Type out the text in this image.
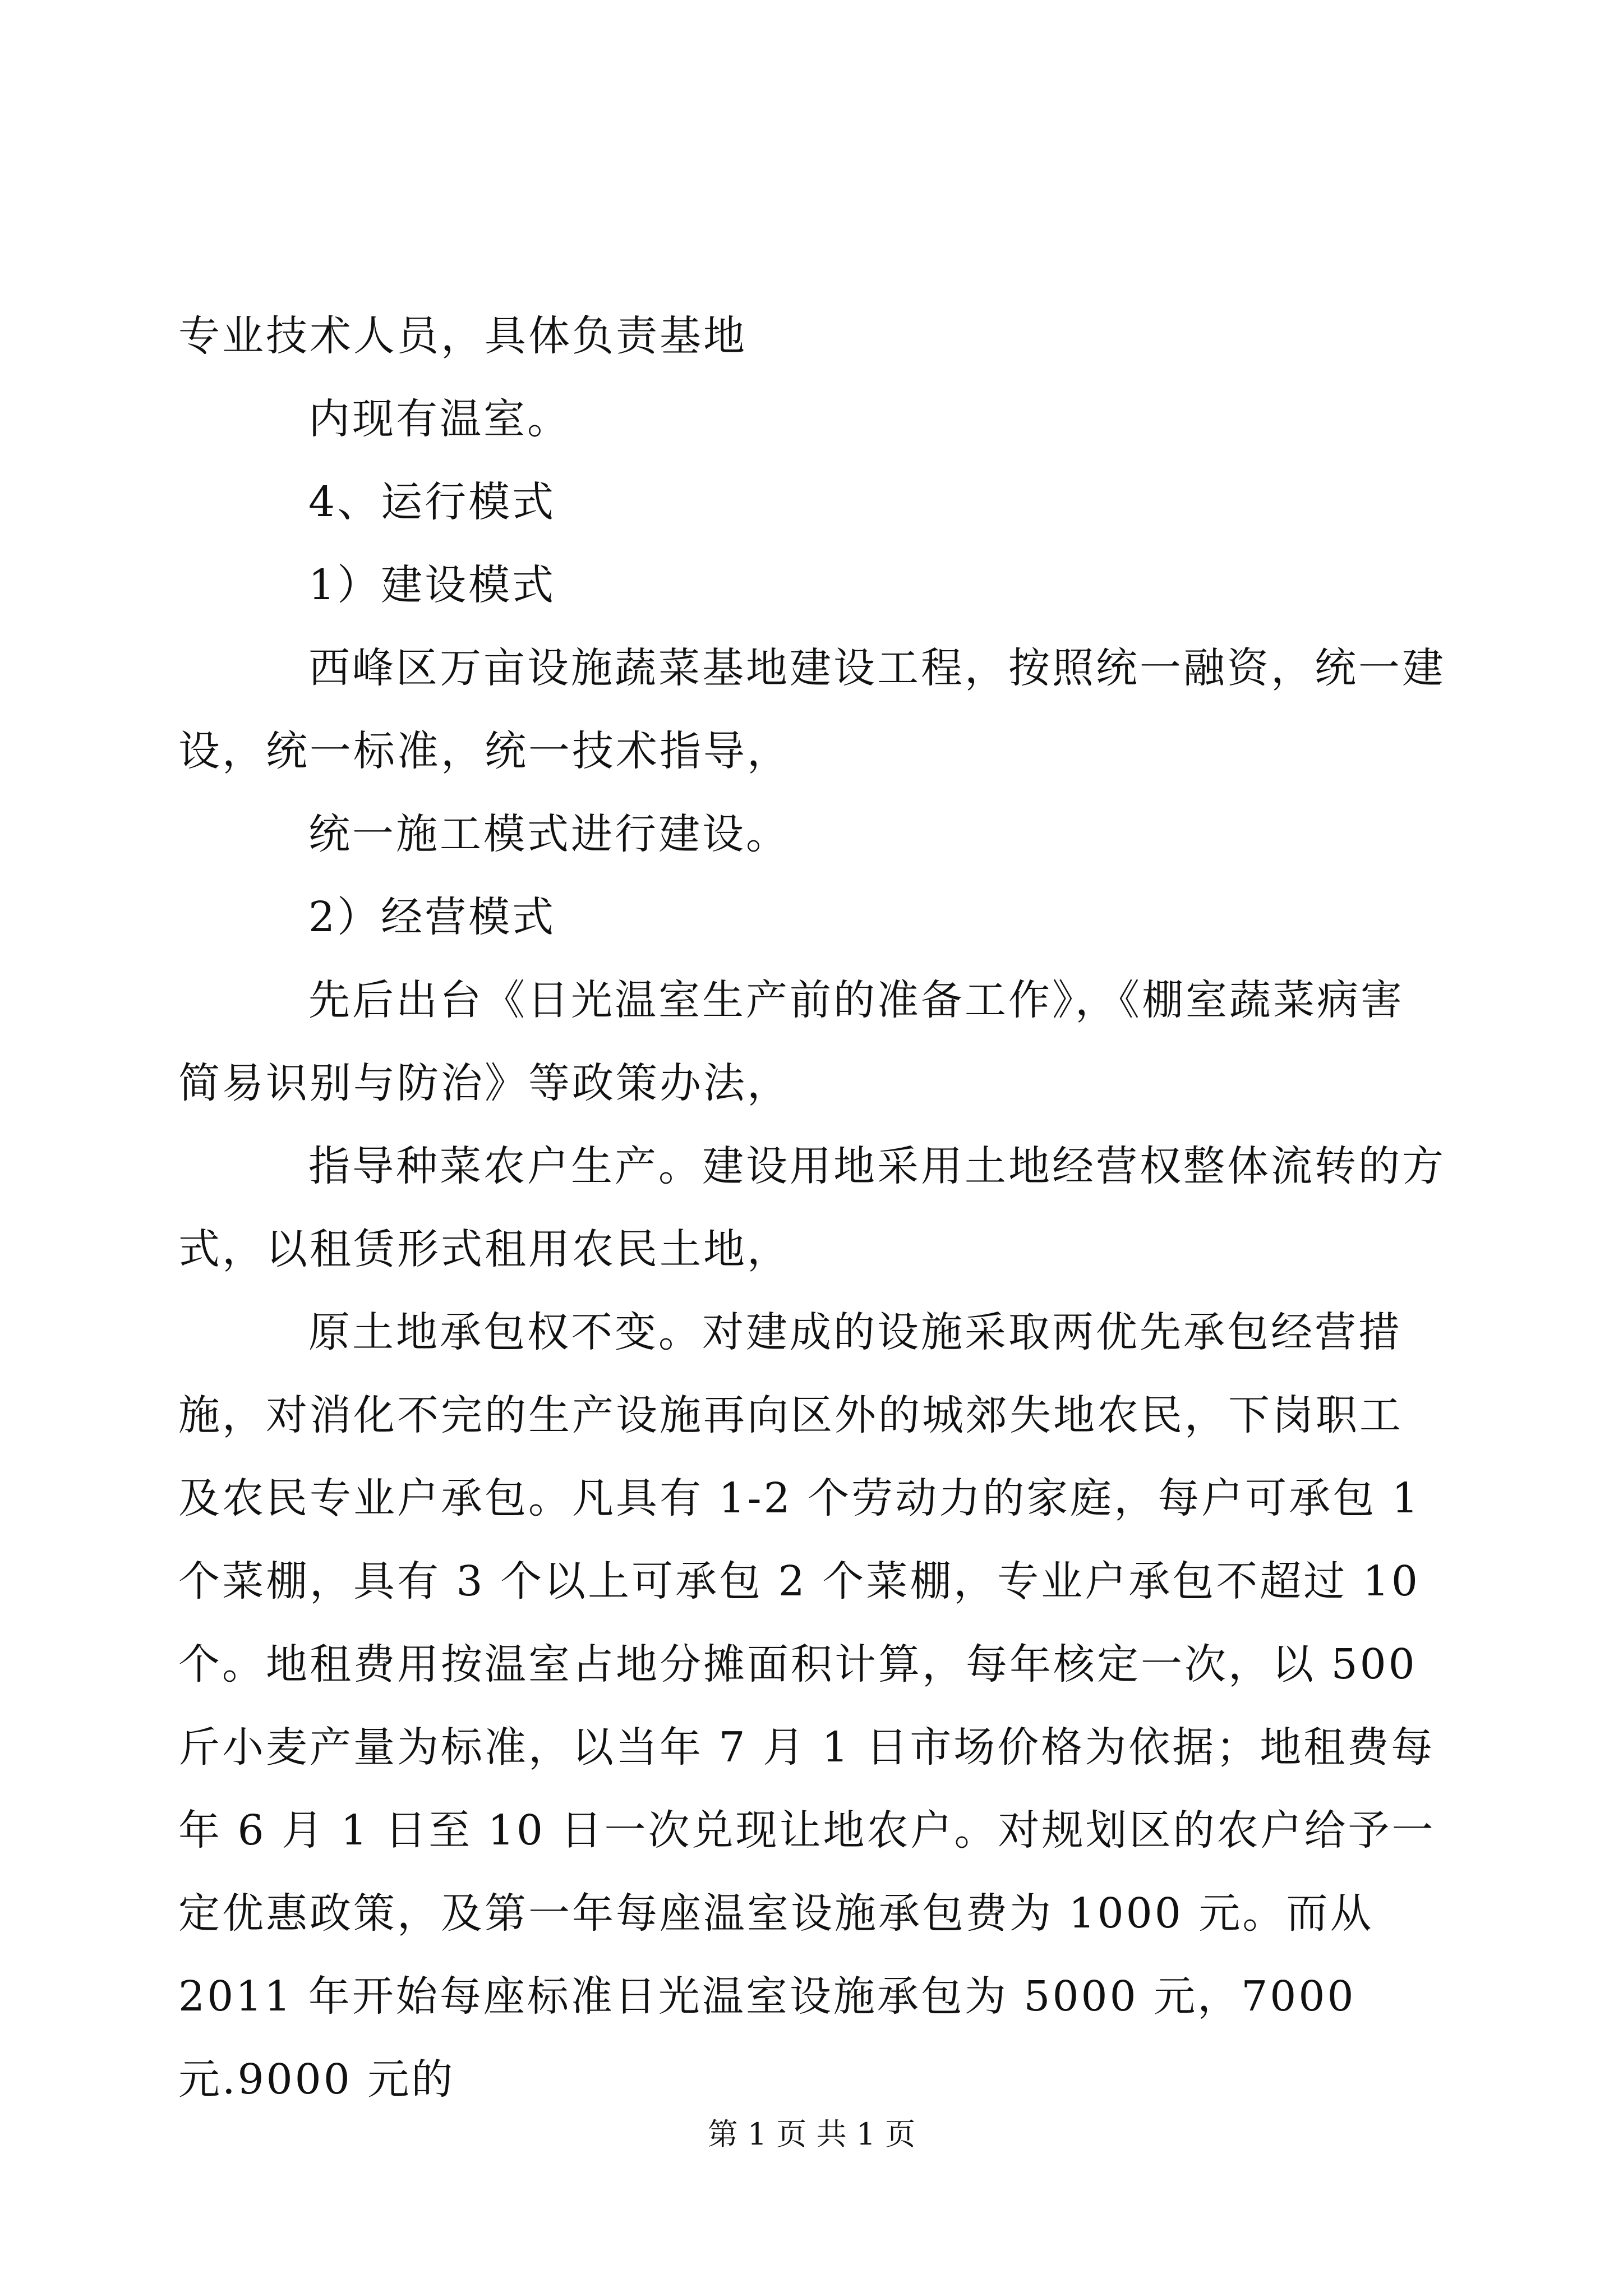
专业技术人员，具体负责基地

内现有温室。

4、运行模式

1）建设模式

西峰区万亩设施蔬菜基地建设工程，按照统一融资，统一建设，统一标准，统一技术指导，

统一施工模式进行建设。

2）经营模式

先后出台《日光温室生产前的准备工作》，《棚室蔬菜病害简易识别与防治》等政策办法，

指导种菜农户生产。建设用地采用土地经营权整体流转的方式，以租赁形式租用农民土地，

原土地承包权不变。对建成的设施采取两优先承包经营措施，对消化不完的生产设施再向区外的城郊失地农民，下岗职工及农民专业户承包。凡具有 1-2 个劳动力的家庭，每户可承包 1 个菜棚，具有 3 个以上可承包 2 个菜棚，专业户承包不超过 10 个。地租费用按温室占地分摊面积计算，每年核定一次，以 500 斤小麦产量为标准，以当年 7 月 1 日市场价格为依据；地租费每年 6 月 1 日至 10 日一次兑现让地农户。对规划区的农户给予一定优惠政策，及第一年每座温室设施承包费为 1000 元。而从 2011 年开始每座标准日光温室设施承包为 5000 元，7000 元.9000 元的

第 1 页 共 1 页
